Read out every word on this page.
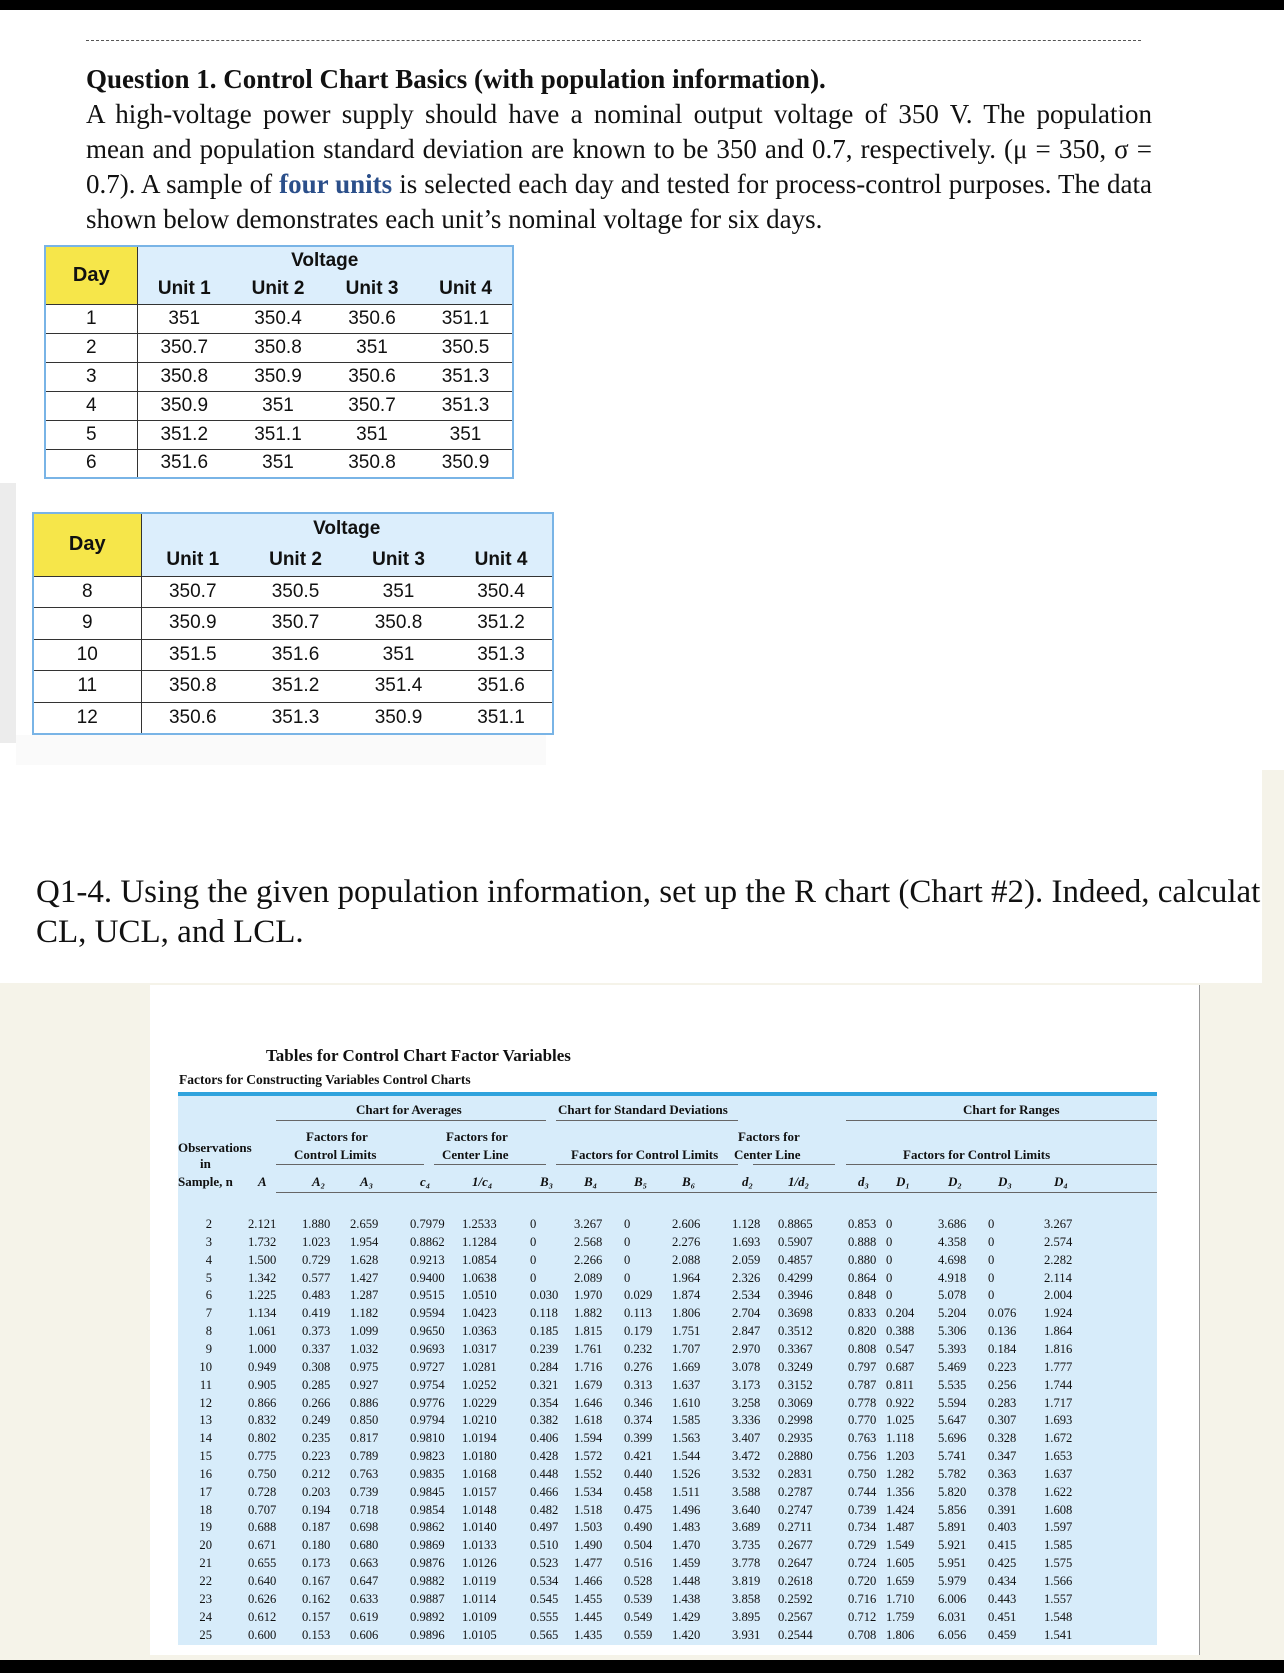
Question 1. Control Chart Basics (with population information).

A high-voltage power supply should have a nominal output voltage of 350 V. The population mean and population standard deviation are known to be 350 and 0.7, respectively. (μ = 350, σ = 0.7). A sample of four units is selected each day and tested for process-control purposes. The data shown below demonstrates each unit’s nominal voltage for six days.

Day	Voltage			
	Unit 1	Unit 2	Unit 3	Unit 4
1	351	350.4	350.6	351.1
2	350.7	350.8	351	350.5
3	350.8	350.9	350.6	351.3
4	350.9	351	350.7	351.3
5	351.2	351.1	351	351
6	351.6	351	350.8	350.9
Day	Voltage			
	Unit 1	Unit 2	Unit 3	Unit 4
8	350.7	350.5	351	350.4
9	350.9	350.7	350.8	351.2
10	351.5	351.6	351	351.3
11	350.8	351.2	351.4	351.6
12	350.6	351.3	350.9	351.1
Q1-4. Using the given population information, set up the R chart (Chart #2). Indeed, calculat
CL, UCL, and LCL.
Tables for Control Chart Factor Variables
Factors for Constructing Variables Control Charts
Chart for Averages	Chart for Standard Deviations	Chart for Ranges
Factors for
Control Limits
Factors for
Center Line	Factors for Control Limits
Factors for
Center Line	Factors for Control Limits
Observations
in
Sample, n A	A₂	A₃	c₄	1/c₄	B₃ B₄	B₅	B₆	d₂	1/d₂	d₃ D₁	D₂	D₃	D₄
2	2.121 1.880 2.659	0.7979 1.2533	0	3.267 0	2.606	1.128 0.8865	0.853 0	3.686 0	3.267
3	1.732 1.023 1.954	0.8862 1.1284	0	2.568 0	2.276	1.693 0.5907	0.888 0	4.358 0	2.574
4	1.500 0.729 1.628	0.9213 1.0854	0	2.266 0	2.088	2.059 0.4857	0.880 0	4.698 0	2.282
5	1.342 0.577 1.427	0.9400 1.0638	0	2.089 0	1.964	2.326 0.4299	0.864 0	4.918 0	2.114
6	1.225 0.483 1.287	0.9515 1.0510	0.030 1.970 0.029 1.874	2.534 0.3946	0.848 0	5.078 0	2.004
7	1.134 0.419 1.182	0.9594 1.0423	0.118 1.882 0.113 1.806	2.704 0.3698	0.833 0.204 5.204 0.076 1.924
8	1.061 0.373 1.099	0.9650 1.0363	0.185 1.815 0.179 1.751	2.847 0.3512	0.820 0.388 5.306 0.136 1.864
9	1.000 0.337 1.032	0.9693 1.0317	0.239 1.761 0.232 1.707	2.970 0.3367	0.808 0.547 5.393 0.184 1.816
10	0.949 0.308 0.975	0.9727 1.0281	0.284 1.716 0.276 1.669	3.078 0.3249	0.797 0.687 5.469 0.223 1.777
11	0.905 0.285 0.927	0.9754 1.0252	0.321 1.679 0.313 1.637	3.173 0.3152	0.787 0.811 5.535 0.256 1.744
12	0.866 0.266 0.886	0.9776 1.0229	0.354 1.646 0.346 1.610	3.258 0.3069	0.778 0.922 5.594 0.283 1.717
13	0.832 0.249 0.850	0.9794 1.0210	0.382 1.618 0.374 1.585	3.336 0.2998	0.770 1.025 5.647 0.307 1.693
14	0.802 0.235 0.817	0.9810 1.0194	0.406 1.594 0.399 1.563	3.407 0.2935	0.763 1.118 5.696 0.328 1.672
15	0.775 0.223 0.789	0.9823 1.0180	0.428 1.572 0.421 1.544	3.472 0.2880	0.756 1.203 5.741 0.347 1.653
16	0.750 0.212 0.763	0.9835 1.0168	0.448 1.552 0.440 1.526	3.532 0.2831	0.750 1.282 5.782 0.363 1.637
17	0.728 0.203 0.739	0.9845 1.0157	0.466 1.534 0.458 1.511	3.588 0.2787	0.744 1.356 5.820 0.378 1.622
18	0.707 0.194 0.718	0.9854 1.0148	0.482 1.518 0.475 1.496	3.640 0.2747	0.739 1.424 5.856 0.391 1.608
19	0.688 0.187 0.698	0.9862 1.0140	0.497 1.503 0.490 1.483	3.689 0.2711	0.734 1.487 5.891 0.403 1.597
20	0.671 0.180 0.680	0.9869 1.0133	0.510 1.490 0.504 1.470	3.735 0.2677	0.729 1.549 5.921 0.415 1.585
21	0.655 0.173 0.663	0.9876 1.0126	0.523 1.477 0.516 1.459	3.778 0.2647	0.724 1.605 5.951 0.425 1.575
22	0.640 0.167 0.647	0.9882 1.0119	0.534 1.466 0.528 1.448	3.819 0.2618	0.720 1.659 5.979 0.434 1.566
23	0.626 0.162 0.633	0.9887 1.0114	0.545 1.455 0.539 1.438	3.858 0.2592	0.716 1.710 6.006 0.443 1.557
24	0.612 0.157 0.619	0.9892 1.0109	0.555 1.445 0.549 1.429	3.895 0.2567	0.712 1.759 6.031 0.451 1.548
25	0.600 0.153 0.606	0.9896 1.0105	0.565 1.435 0.559 1.420	3.931 0.2544	0.708 1.806 6.056 0.459 1.541
